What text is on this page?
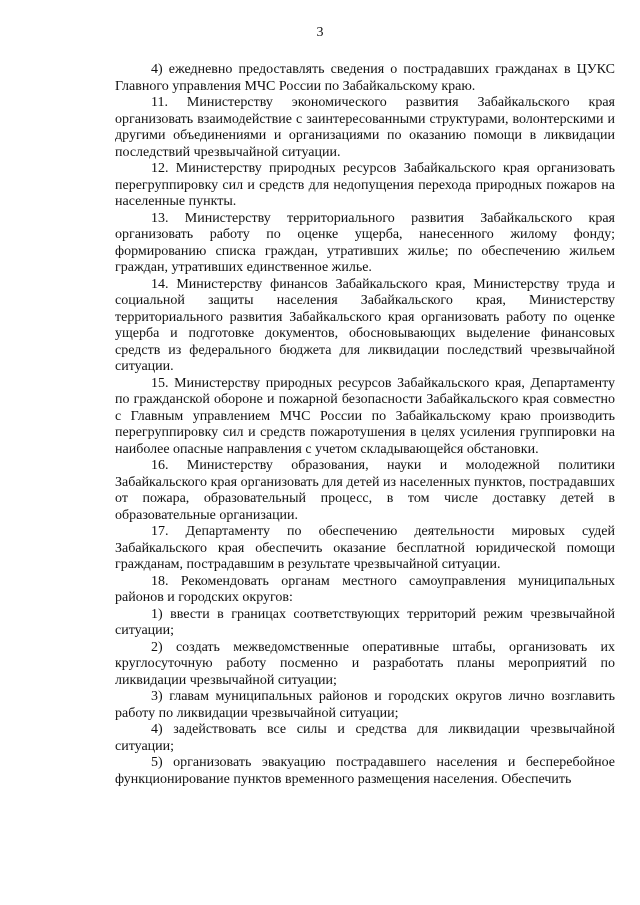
3

4) ежедневно предоставлять сведения о пострадавших гражданах в ЦУКС Главного управления МЧС России по Забайкальскому краю.

11. Министерству экономического развития Забайкальского края организовать взаимодействие с заинтересованными структурами, волонтерскими и другими объединениями и организациями по оказанию помощи в ликвидации последствий чрезвычайной ситуации.

12. Министерству природных ресурсов Забайкальского края организовать перегруппировку сил и средств для недопущения перехода природных пожаров на населенные пункты.

13. Министерству территориального развития Забайкальского края организовать работу по оценке ущерба, нанесенного жилому фонду; формированию списка граждан, утративших жилье; по обеспечению жильем граждан, утративших единственное жилье.

14. Министерству финансов Забайкальского края, Министерству труда и социальной защиты населения Забайкальского края, Министерству территориального развития Забайкальского края организовать работу по оценке ущерба и подготовке документов, обосновывающих выделение финансовых средств из федерального бюджета для ликвидации последствий чрезвычайной ситуации.

15. Министерству природных ресурсов Забайкальского края, Департаменту по гражданской обороне и пожарной безопасности Забайкальского края совместно с Главным управлением МЧС России по Забайкальскому краю производить перегруппировку сил и средств пожаротушения в целях усиления группировки на наиболее опасные направления с учетом складывающейся обстановки.

16. Министерству образования, науки и молодежной политики Забайкальского края организовать для детей из населенных пунктов, пострадавших от пожара, образовательный процесс, в том числе доставку детей в образовательные организации.

17. Департаменту по обеспечению деятельности мировых судей Забайкальского края обеспечить оказание бесплатной юридической помощи гражданам, пострадавшим в результате чрезвычайной ситуации.

18. Рекомендовать органам местного самоуправления муниципальных районов и городских округов:

1) ввести в границах соответствующих территорий режим чрезвычайной ситуации;

2) создать межведомственные оперативные штабы, организовать их круглосуточную работу посменно и разработать планы мероприятий по ликвидации чрезвычайной ситуации;

3) главам муниципальных районов и городских округов лично возглавить работу по ликвидации чрезвычайной ситуации;

4) задействовать все силы и средства для ликвидации чрезвычайной ситуации;

5) организовать эвакуацию пострадавшего населения и бесперебойное функционирование пунктов временного размещения населения. Обеспечить
